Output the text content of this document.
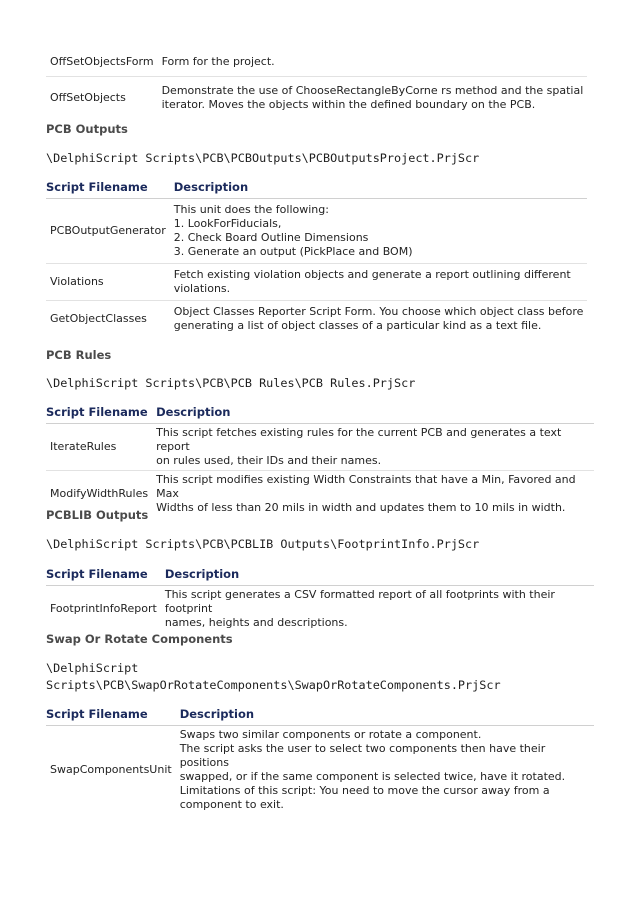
OffSetObjectsForm	Form for the project.

OffSetObjects	Demonstrate the use of ChooseRectangleByCorne rs method and the spatial
iterator. Moves the objects within the defined boundary on the PCB.
PCB Outputs
\DelphiScript Scripts\PCB\PCBOutputs\PCBOutputsProject.PrjScr
Script Filename	Description
PCBOutputGenerator	This unit does the following:
1. LookForFiducials,
2. Check Board Outline Dimensions
3. Generate an output (PickPlace and BOM)

Violations	Fetch existing violation objects and generate a report outlining different
violations.

GetObjectClasses	Object Classes Reporter Script Form. You choose which object class before
generating a list of object classes of a particular kind as a text file.
PCB Rules
\DelphiScript Scripts\PCB\PCB Rules\PCB Rules.PrjScr
Script Filename	Description
IterateRules	This script fetches existing rules for the current PCB and generates a text report
on rules used, their IDs and their names.

ModifyWidthRules	This script modifies existing Width Constraints that have a Min, Favored and Max
Widths of less than 20 mils in width and updates them to 10 mils in width.
PCBLIB Outputs
\DelphiScript Scripts\PCB\PCBLIB Outputs\FootprintInfo.PrjScr
Script Filename	Description
FootprintInfoReport	This script generates a CSV formatted report of all footprints with their footprint
names, heights and descriptions.
Swap Or Rotate Components
\DelphiScript
Scripts\PCB\SwapOrRotateComponents\SwapOrRotateComponents.PrjScr
Script Filename	Description
SwapComponentsUnit	Swaps two similar components or rotate a component.
The script asks the user to select two components then have their positions
swapped, or if the same component is selected twice, have it rotated.
Limitations of this script: You need to move the cursor away from a
component to exit.
